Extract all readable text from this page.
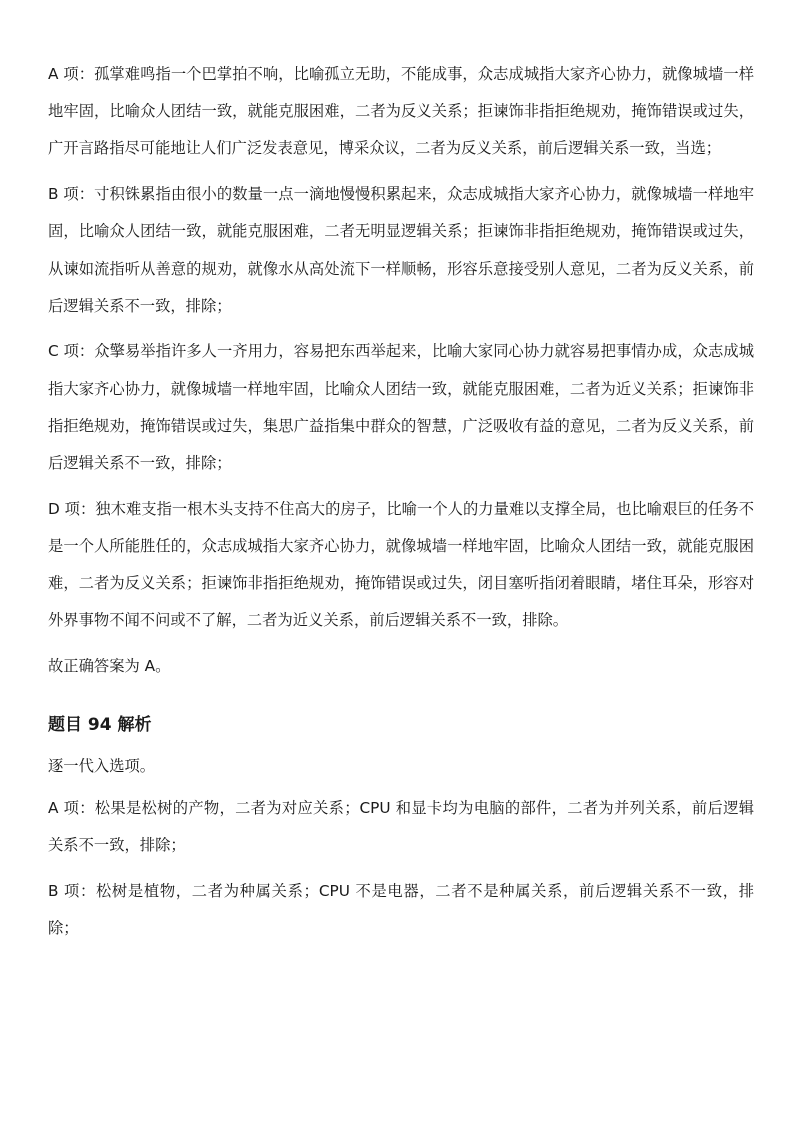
A 项：孤掌难鸣指一个巴掌拍不响，比喻孤立无助，不能成事，众志成城指大家齐心协力，就像城墙一样地牢固，比喻众人团结一致，就能克服困难，二者为反义关系；拒谏饰非指拒绝规劝，掩饰错误或过失，广开言路指尽可能地让人们广泛发表意见，博采众议，二者为反义关系，前后逻辑关系一致，当选；

B 项：寸积铢累指由很小的数量一点一滴地慢慢积累起来，众志成城指大家齐心协力，就像城墙一样地牢固，比喻众人团结一致，就能克服困难，二者无明显逻辑关系；拒谏饰非指拒绝规劝，掩饰错误或过失，从谏如流指听从善意的规劝，就像水从高处流下一样顺畅，形容乐意接受别人意见，二者为反义关系，前后逻辑关系不一致，排除；

C 项：众擎易举指许多人一齐用力，容易把东西举起来，比喻大家同心协力就容易把事情办成，众志成城指大家齐心协力，就像城墙一样地牢固，比喻众人团结一致，就能克服困难，二者为近义关系；拒谏饰非指拒绝规劝，掩饰错误或过失，集思广益指集中群众的智慧，广泛吸收有益的意见，二者为反义关系，前后逻辑关系不一致，排除；

D 项：独木难支指一根木头支持不住高大的房子，比喻一个人的力量难以支撑全局，也比喻艰巨的任务不是一个人所能胜任的，众志成城指大家齐心协力，就像城墙一样地牢固，比喻众人团结一致，就能克服困难，二者为反义关系；拒谏饰非指拒绝规劝，掩饰错误或过失，闭目塞听指闭着眼睛，堵住耳朵，形容对外界事物不闻不问或不了解，二者为近义关系，前后逻辑关系不一致，排除。

故正确答案为 A。

题目 94 解析

逐一代入选项。

A 项：松果是松树的产物，二者为对应关系；CPU 和显卡均为电脑的部件，二者为并列关系，前后逻辑关系不一致，排除；

B 项：松树是植物，二者为种属关系；CPU 不是电器，二者不是种属关系，前后逻辑关系不一致，排除；
